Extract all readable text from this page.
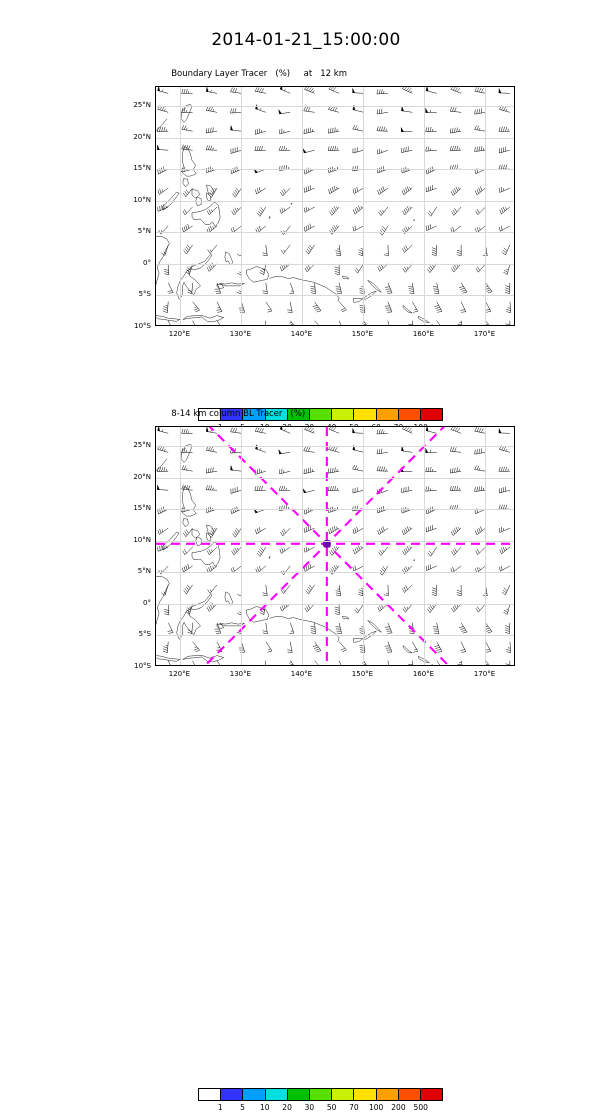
2014-01-21_15:00:00

Boundary Layer Tracer   (%)     at   12 km

120°E	130°E	140°E	150°E	160°E	170°E
10°S
5°S
0°
5°N
10°N
15°N
20°N
25°N

8-14 km column BL Tracer   (%)

1 5 10 20 30 50 70 100 200 500
120°E	130°E	140°E	150°E	160°E	170°E
10°S
5°S
0°
5°N
10°N
15°N
20°N
25°N
